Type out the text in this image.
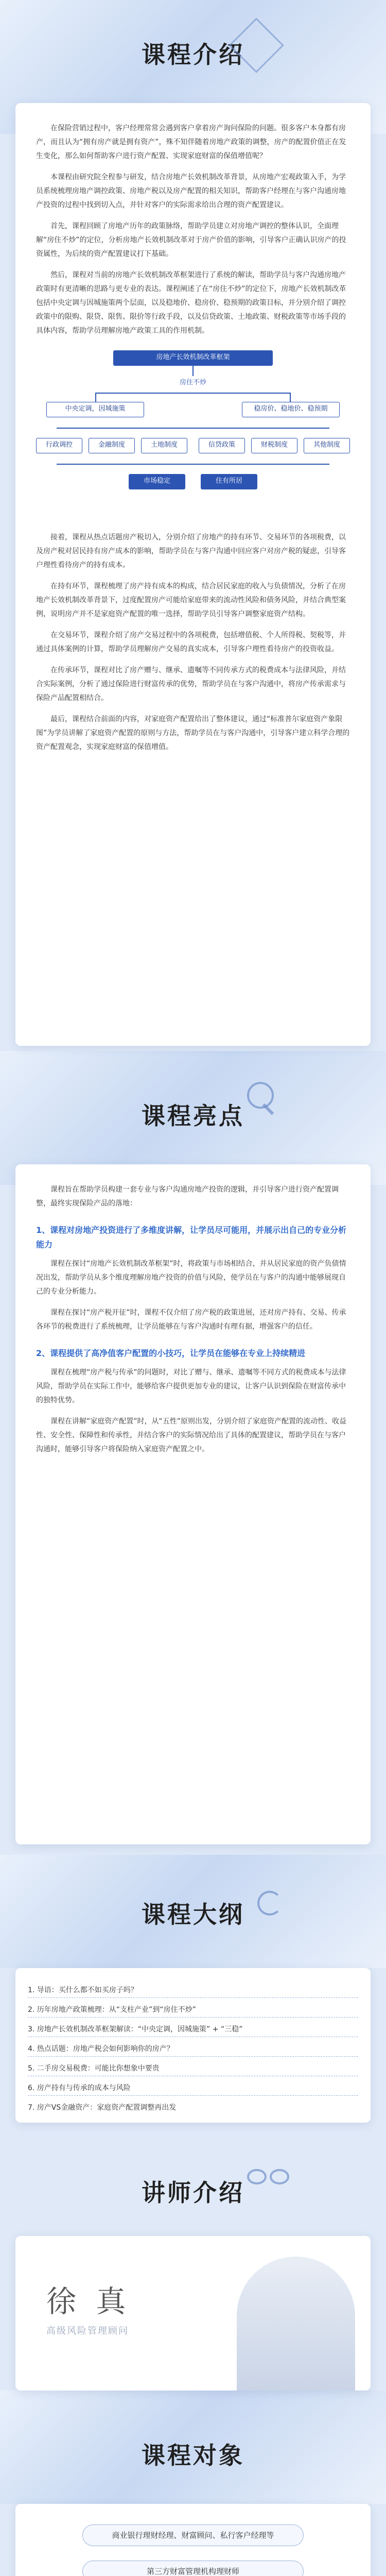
课程介绍

在保险营销过程中，客户经理常常会遇到客户拿着房产询问保险的问题。很多客户本身都有房产，而且认为“拥有房产就是拥有资产”，殊不知伴随着房地产政策的调整，房产的配置价值正在发生变化，那么如何帮助客户进行资产配置、实现家庭财富的保值增值呢？

本课程由研究院全程参与研发，结合房地产长效机制改革背景，从房地产宏观政策入手，为学员系统梳理房地产调控政策、房地产税以及房产配置的相关知识，帮助客户经理在与客户沟通房地产投资的过程中找到切入点，并针对客户的实际需求给出合理的资产配置建议。

首先，课程回顾了房地产历年的政策脉络，帮助学员建立对房地产调控的整体认识，全面理解“房住不炒”的定位，分析房地产长效机制改革对于房产价值的影响，引导客户正确认识房产的投资属性，为后续的资产配置建议打下基础。

然后，课程对当前的房地产长效机制改革框架进行了系统的解读，帮助学员与客户沟通房地产政策时有更清晰的思路与更专业的表达。课程阐述了在“房住不炒”的定位下，房地产长效机制改革包括中央定调与因城施策两个层面，以及稳地价、稳房价、稳预期的政策目标，并分别介绍了调控政策中的限购、限贷、限售、限价等行政手段，以及信贷政策、土地政策、财税政策等市场手段的具体内容，帮助学员理解房地产政策工具的作用机制。

房地产长效机制改革框架
房住不炒
中央定调，因城施策	稳房价、稳地价、稳预期
行政调控	金融制度	土地制度	信贷政策	财税制度	其他制度
市场稳定	住有所居

接着，课程从热点话题房产税切入，分别介绍了房地产的持有环节、交易环节的各项税费，以及房产税对居民持有房产成本的影响，帮助学员在与客户沟通中回应客户对房产税的疑虑，引导客户理性看待房产的持有成本。

在持有环节，课程梳理了房产持有成本的构成，结合居民家庭的收入与负债情况，分析了在房地产长效机制改革背景下，过度配置房产可能给家庭带来的流动性风险和债务风险，并结合典型案例，说明房产并不是家庭资产配置的唯一选择，帮助学员引导客户调整家庭资产结构。

在交易环节，课程介绍了房产交易过程中的各项税费，包括增值税、个人所得税、契税等，并通过具体案例的计算，帮助学员理解房产交易的真实成本，引导客户理性看待房产的投资收益。

在传承环节，课程对比了房产赠与、继承、遗嘱等不同传承方式的税费成本与法律风险，并结合实际案例，分析了通过保险进行财富传承的优势，帮助学员在与客户沟通中，将房产传承需求与保险产品配置相结合。

最后，课程结合前面的内容，对家庭资产配置给出了整体建议，通过“标准普尔家庭资产象限图”为学员讲解了家庭资产配置的原则与方法，帮助学员在与客户沟通中，引导客户建立科学合理的资产配置观念，实现家庭财富的保值增值。

课程亮点

课程旨在帮助学员构建一套专业与客户沟通房地产投资的逻辑，并引导客户进行资产配置调整，最终实现保险产品的落地：

1、课程对房地产投资进行了多维度讲解，让学员尽可能用，并展示出自己的专业分析能力

课程在探讨“房地产长效机制改革框架”时，将政策与市场相结合，并从居民家庭的资产负债情况出发，帮助学员从多个维度理解房地产投资的价值与风险，使学员在与客户的沟通中能够展现自己的专业分析能力。

课程在探讨“房产税开征”时，课程不仅介绍了房产税的政策进展，还对房产持有、交易、传承各环节的税费进行了系统梳理，让学员能够在与客户沟通时有理有据，增强客户的信任。

2、课程提供了高净值客户配置的小技巧，让学员在能够在专业上持续精进

课程在梳理“房产税与传承”的问题时，对比了赠与、继承、遗嘱等不同方式的税费成本与法律风险，帮助学员在实际工作中，能够给客户提供更加专业的建议，让客户认识到保险在财富传承中的独特优势。

课程在讲解“家庭资产配置”时，从“五性”原则出发，分别介绍了家庭资产配置的流动性、收益性、安全性、保障性和传承性，并结合客户的实际情况给出了具体的配置建议，帮助学员在与客户沟通时，能够引导客户将保险纳入家庭资产配置之中。

课程大纲
1. 导语：买什么都不如买房子吗？
2. 历年房地产政策梳理：从“支柱产业”到“房住不炒”
3. 房地产长效机制改革框架解读：“中央定调，因城施策” + “三稳”
4. 热点话题：房地产税会如何影响你的房产？
5. 二手房交易税费：可能比你想象中要贵
6. 房产持有与传承的成本与风险
7. 房产VS金融资产：家庭资产配置调整再出发
讲师介绍
徐 真
高级风险管理顾问
课程对象
商业银行理财经理、财富顾问、私行客户经理等
第三方财富管理机构理财师
